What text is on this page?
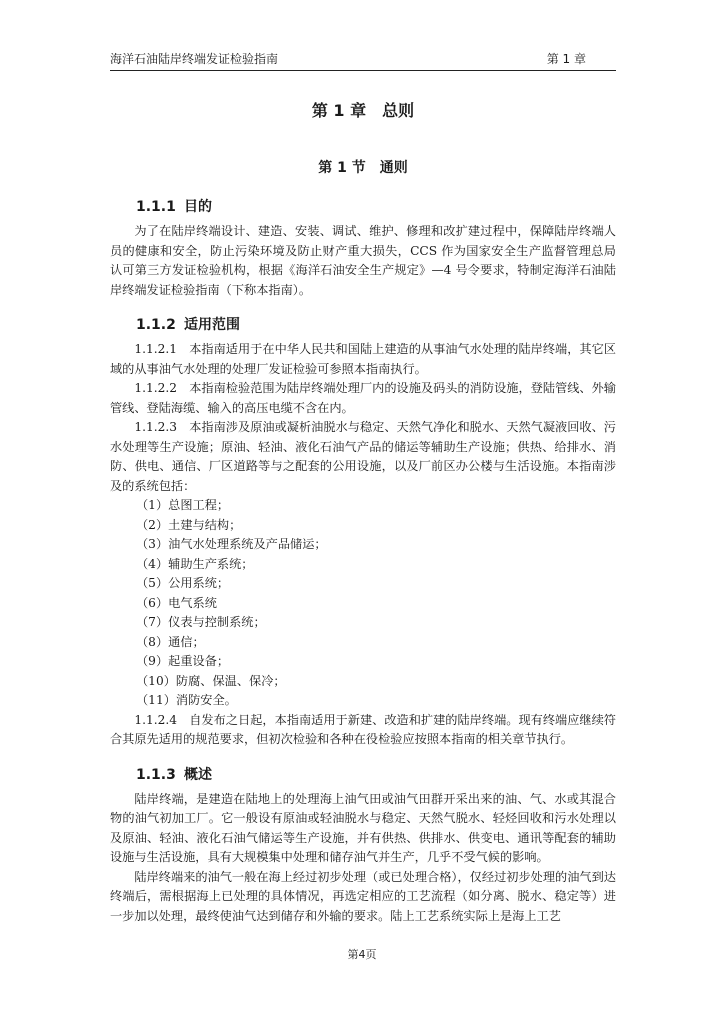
海洋石油陆岸终端发证检验指南	第 1 章
第 1 章　总则
第 1 节　通则
1.1.1 目的

为了在陆岸终端设计、建造、安装、调试、维护、修理和改扩建过程中，保障陆岸终端人员的健康和安全，防止污染环境及防止财产重大损失，CCS 作为国家安全生产监督管理总局认可第三方发证检验机构，根据《海洋石油安全生产规定》—4 号令要求，特制定海洋石油陆岸终端发证检验指南（下称本指南）。

1.1.2 适用范围

1.1.2.1　本指南适用于在中华人民共和国陆上建造的从事油气水处理的陆岸终端，其它区域的从事油气水处理的处理厂发证检验可参照本指南执行。

1.1.2.2　本指南检验范围为陆岸终端处理厂内的设施及码头的消防设施，登陆管线、外输管线、登陆海缆、输入的高压电缆不含在内。

1.1.2.3　本指南涉及原油或凝析油脱水与稳定、天然气净化和脱水、天然气凝液回收、污水处理等生产设施；原油、轻油、液化石油气产品的储运等辅助生产设施；供热、给排水、消防、供电、通信、厂区道路等与之配套的公用设施，以及厂前区办公楼与生活设施。本指南涉及的系统包括：

（1）总图工程；
（2）土建与结构；
（3）油气水处理系统及产品储运；
（4）辅助生产系统；
（5）公用系统；
（6）电气系统
（7）仪表与控制系统；
（8）通信；
（9）起重设备；
（10）防腐、保温、保冷；
（11）消防安全。

1.1.2.4　自发布之日起，本指南适用于新建、改造和扩建的陆岸终端。现有终端应继续符合其原先适用的规范要求，但初次检验和各种在役检验应按照本指南的相关章节执行。

1.1.3 概述

陆岸终端，是建造在陆地上的处理海上油气田或油气田群开采出来的油、气、水或其混合物的油气初加工厂。它一般设有原油或轻油脱水与稳定、天然气脱水、轻烃回收和污水处理以及原油、轻油、液化石油气储运等生产设施，并有供热、供排水、供变电、通讯等配套的辅助设施与生活设施，具有大规模集中处理和储存油气并生产，几乎不受气候的影响。

陆岸终端来的油气一般在海上经过初步处理（或已处理合格），仅经过初步处理的油气到达终端后，需根据海上已处理的具体情况，再选定相应的工艺流程（如分离、脱水、稳定等）进一步加以处理，最终使油气达到储存和外输的要求。陆上工艺系统实际上是海上工艺

第4页
